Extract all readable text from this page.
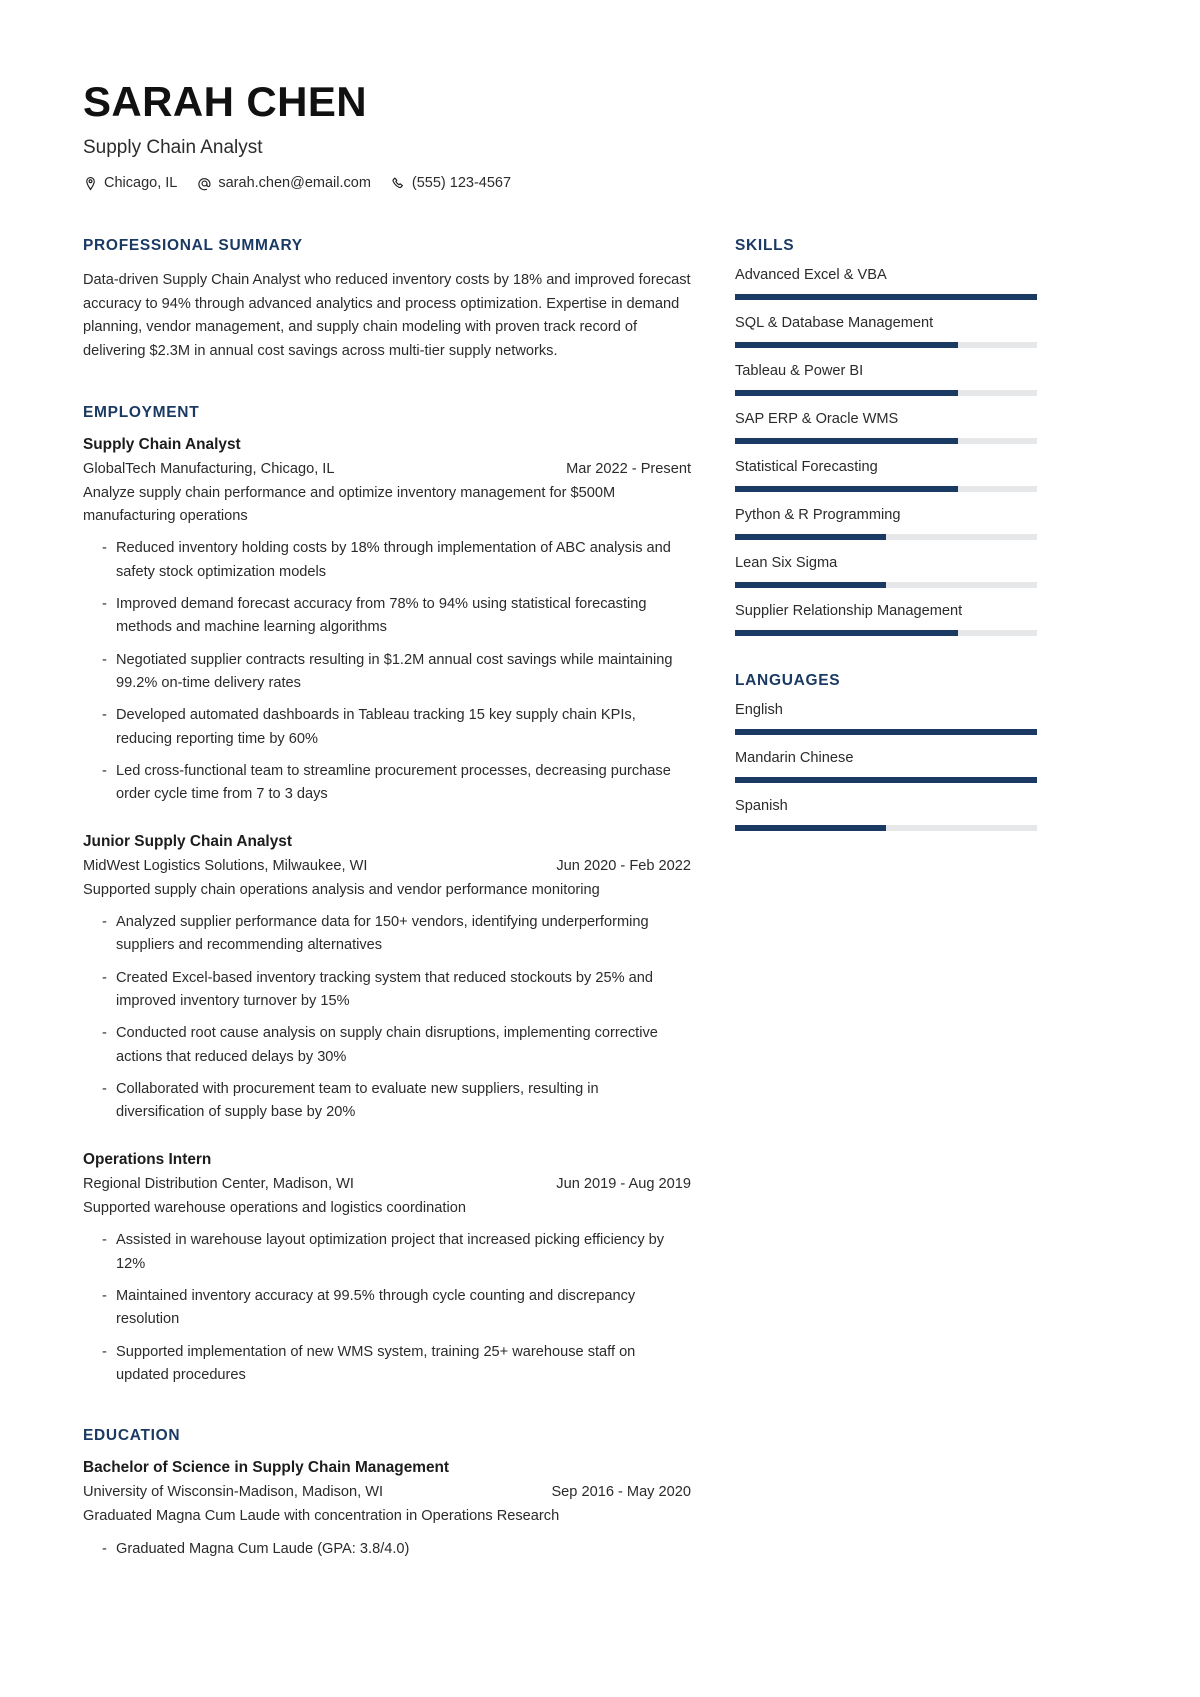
SARAH CHEN
Supply Chain Analyst
Chicago, IL	sarah.chen@email.com	(555) 123-4567
PROFESSIONAL SUMMARY
Data-driven Supply Chain Analyst who reduced inventory costs by 18% and improved forecast accuracy to 94% through advanced analytics and process optimization. Expertise in demand planning, vendor management, and supply chain modeling with proven track record of delivering $2.3M in annual cost savings across multi-tier supply networks.
EMPLOYMENT
Supply Chain Analyst
GlobalTech Manufacturing, Chicago, IL	Mar 2022 - Present
Analyze supply chain performance and optimize inventory management for $500M manufacturing operations
- Reduced inventory holding costs by 18% through implementation of ABC analysis and safety stock optimization models
- Improved demand forecast accuracy from 78% to 94% using statistical forecasting methods and machine learning algorithms
- Negotiated supplier contracts resulting in $1.2M annual cost savings while maintaining 99.2% on-time delivery rates
- Developed automated dashboards in Tableau tracking 15 key supply chain KPIs, reducing reporting time by 60%
- Led cross-functional team to streamline procurement processes, decreasing purchase order cycle time from 7 to 3 days
Junior Supply Chain Analyst
MidWest Logistics Solutions, Milwaukee, WI	Jun 2020 - Feb 2022
Supported supply chain operations analysis and vendor performance monitoring
- Analyzed supplier performance data for 150+ vendors, identifying underperforming suppliers and recommending alternatives
- Created Excel-based inventory tracking system that reduced stockouts by 25% and improved inventory turnover by 15%
- Conducted root cause analysis on supply chain disruptions, implementing corrective actions that reduced delays by 30%
- Collaborated with procurement team to evaluate new suppliers, resulting in diversification of supply base by 20%
Operations Intern
Regional Distribution Center, Madison, WI	Jun 2019 - Aug 2019
Supported warehouse operations and logistics coordination
- Assisted in warehouse layout optimization project that increased picking efficiency by 12%
- Maintained inventory accuracy at 99.5% through cycle counting and discrepancy resolution
- Supported implementation of new WMS system, training 25+ warehouse staff on updated procedures
EDUCATION
Bachelor of Science in Supply Chain Management
University of Wisconsin-Madison, Madison, WI	Sep 2016 - May 2020
Graduated Magna Cum Laude with concentration in Operations Research
- Graduated Magna Cum Laude (GPA: 3.8/4.0)
SKILLS
Advanced Excel & VBA
SQL & Database Management
Tableau & Power BI
SAP ERP & Oracle WMS
Statistical Forecasting
Python & R Programming
Lean Six Sigma
Supplier Relationship Management
LANGUAGES
English
Mandarin Chinese
Spanish
